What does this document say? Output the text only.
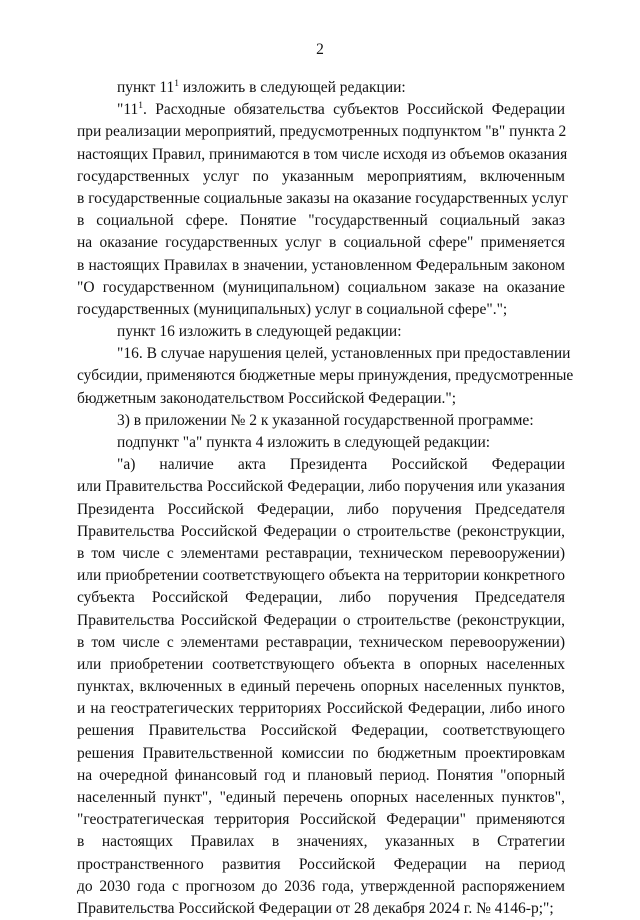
2
пункт 11$^1$ изложить в следующей редакции:
"11$^1$. Расходные обязательства субъектов Российской Федерации
при реализации мероприятий, предусмотренных подпунктом "в" пункта 2
настоящих Правил, принимаются в том числе исходя из объемов оказания
государственных услуг по указанным мероприятиям, включенным
в государственные социальные заказы на оказание государственных услуг
в социальной сфере. Понятие "государственный социальный заказ
на оказание государственных услуг в социальной сфере" применяется
в настоящих Правилах в значении, установленном Федеральным законом
"О государственном (муниципальном) социальном заказе на оказание
государственных (муниципальных) услуг в социальной сфере".";
пункт 16 изложить в следующей редакции:
"16. В случае нарушения целей, установленных при предоставлении
субсидии, применяются бюджетные меры принуждения, предусмотренные
бюджетным законодательством Российской Федерации.";
3) в приложении № 2 к указанной государственной программе:
подпункт "а" пункта 4 изложить в следующей редакции:
"а) наличие акта Президента Российской Федерации
или Правительства Российской Федерации, либо поручения или указания
Президента Российской Федерации, либо поручения Председателя
Правительства Российской Федерации о строительстве (реконструкции,
в том числе с элементами реставрации, техническом перевооружении)
или приобретении соответствующего объекта на территории конкретного
субъекта Российской Федерации, либо поручения Председателя
Правительства Российской Федерации о строительстве (реконструкции,
в том числе с элементами реставрации, техническом перевооружении)
или приобретении соответствующего объекта в опорных населенных
пунктах, включенных в единый перечень опорных населенных пунктов,
и на геостратегических территориях Российской Федерации, либо иного
решения Правительства Российской Федерации, соответствующего
решения Правительственной комиссии по бюджетным проектировкам
на очередной финансовый год и плановый период. Понятия "опорный
населенный пункт", "единый перечень опорных населенных пунктов",
"геостратегическая территория Российской Федерации" применяются
в настоящих Правилах в значениях, указанных в Стратегии
пространственного развития Российской Федерации на период
до 2030 года с прогнозом до 2036 года, утвержденной распоряжением
Правительства Российской Федерации от 28 декабря 2024 г. № 4146-р;";
